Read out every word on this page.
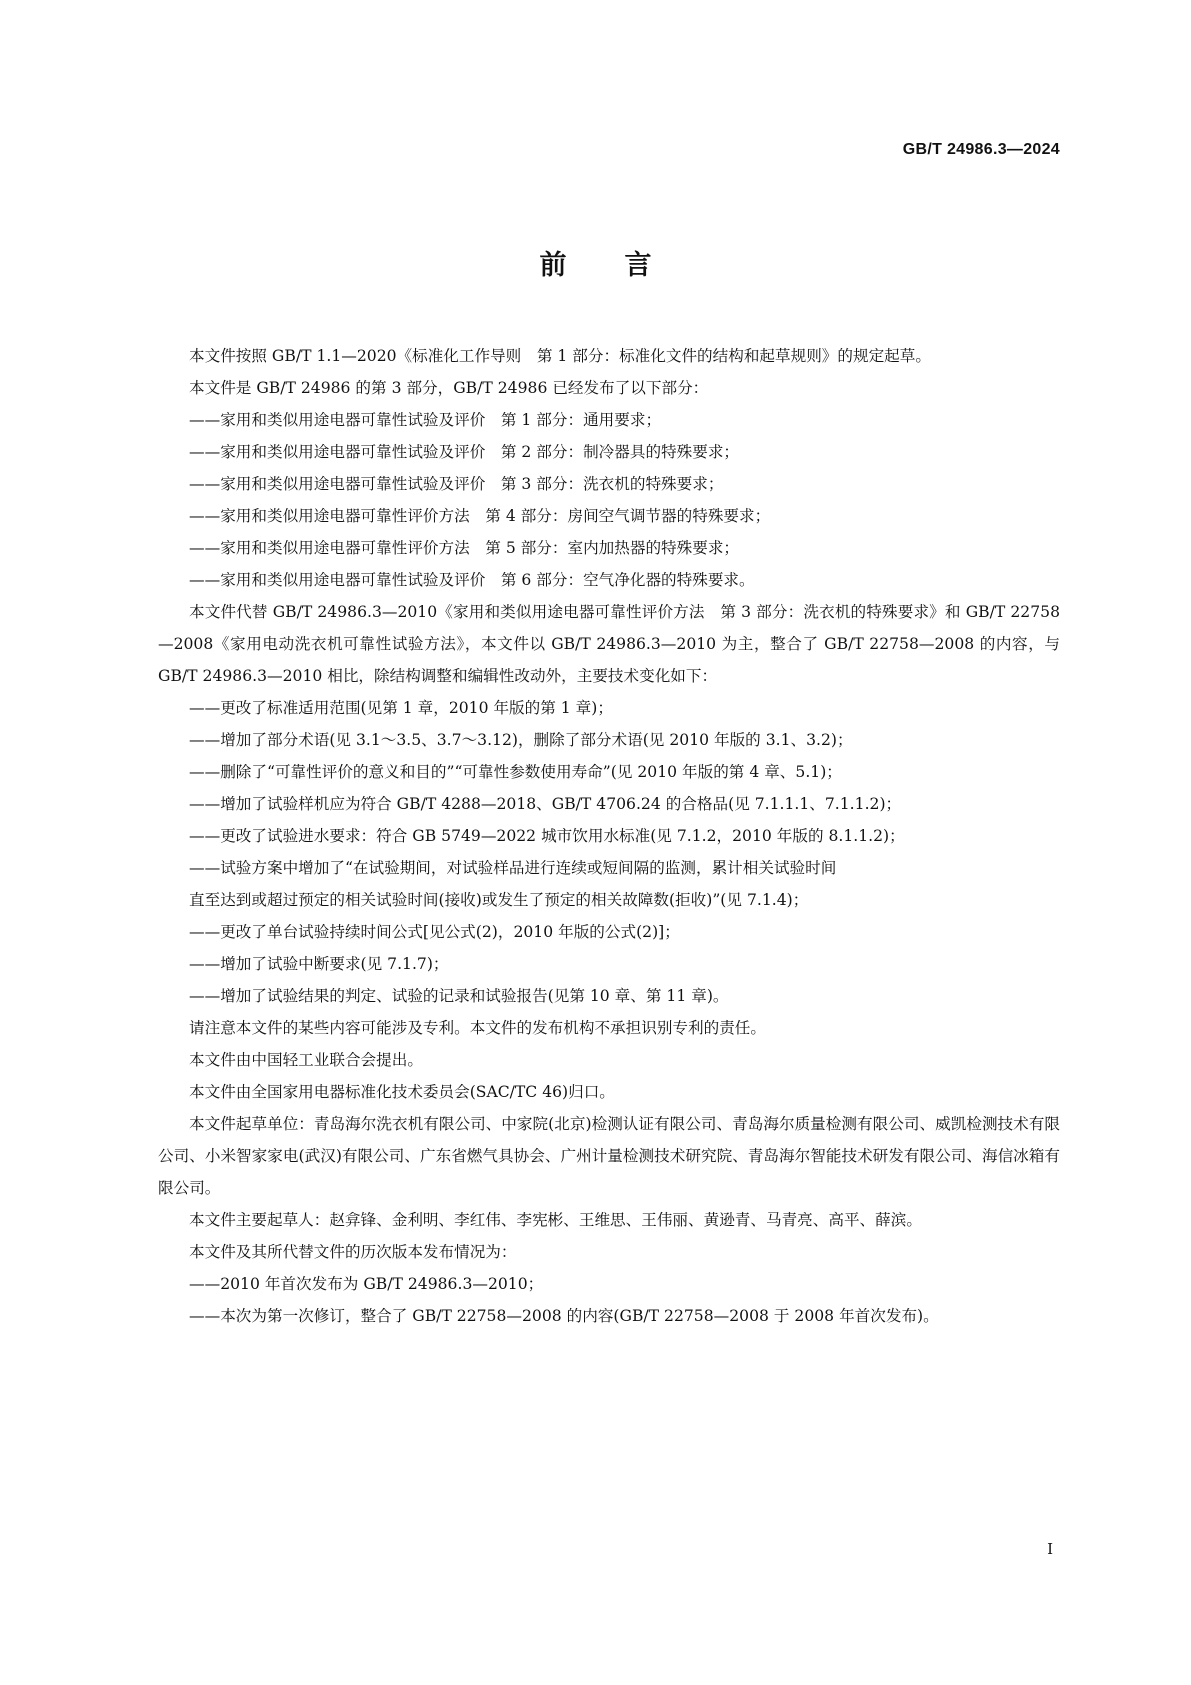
GB/T 24986.3—2024
前 言

本文件按照 GB/T 1.1—2020《标准化工作导则　第 1 部分：标准化文件的结构和起草规则》的规定起草。

本文件是 GB/T 24986 的第 3 部分，GB/T 24986 已经发布了以下部分：

——家用和类似用途电器可靠性试验及评价　第 1 部分：通用要求；

——家用和类似用途电器可靠性试验及评价　第 2 部分：制冷器具的特殊要求；

——家用和类似用途电器可靠性试验及评价　第 3 部分：洗衣机的特殊要求；

——家用和类似用途电器可靠性评价方法　第 4 部分：房间空气调节器的特殊要求；

——家用和类似用途电器可靠性评价方法　第 5 部分：室内加热器的特殊要求；

——家用和类似用途电器可靠性试验及评价　第 6 部分：空气净化器的特殊要求。

本文件代替 GB/T 24986.3—2010《家用和类似用途电器可靠性评价方法　第 3 部分：洗衣机的特殊要求》和 GB/T 22758—2008《家用电动洗衣机可靠性试验方法》，本文件以 GB/T 24986.3—2010 为主，整合了 GB/T 22758—2008 的内容，与 GB/T 24986.3—2010 相比，除结构调整和编辑性改动外，主要技术变化如下：

——更改了标准适用范围(见第 1 章，2010 年版的第 1 章)；

——增加了部分术语(见 3.1～3.5、3.7～3.12)，删除了部分术语(见 2010 年版的 3.1、3.2)；

——删除了“可靠性评价的意义和目的”“可靠性参数使用寿命”(见 2010 年版的第 4 章、5.1)；

——增加了试验样机应为符合 GB/T 4288—2018、GB/T 4706.24 的合格品(见 7.1.1.1、7.1.1.2)；

——更改了试验进水要求：符合 GB 5749—2022 城市饮用水标准(见 7.1.2，2010 年版的 8.1.1.2)；

——试验方案中增加了“在试验期间，对试验样品进行连续或短间隔的监测，累计相关试验时间

直至达到或超过预定的相关试验时间(接收)或发生了预定的相关故障数(拒收)”(见 7.1.4)；

——更改了单台试验持续时间公式[见公式(2)，2010 年版的公式(2)]；

——增加了试验中断要求(见 7.1.7)；

——增加了试验结果的判定、试验的记录和试验报告(见第 10 章、第 11 章)。

请注意本文件的某些内容可能涉及专利。本文件的发布机构不承担识别专利的责任。

本文件由中国轻工业联合会提出。

本文件由全国家用电器标准化技术委员会(SAC/TC 46)归口。

本文件起草单位：青岛海尔洗衣机有限公司、中家院(北京)检测认证有限公司、青岛海尔质量检测有限公司、威凯检测技术有限公司、小米智家家电(武汉)有限公司、广东省燃气具协会、广州计量检测技术研究院、青岛海尔智能技术研发有限公司、海信冰箱有限公司。

本文件主要起草人：赵弇锋、金利明、李红伟、李宪彬、王维思、王伟丽、黄逊青、马青亮、高平、薛滨。

本文件及其所代替文件的历次版本发布情况为：

——2010 年首次发布为 GB/T 24986.3—2010；

——本次为第一次修订，整合了 GB/T 22758—2008 的内容(GB/T 22758—2008 于 2008 年首次发布)。

I
